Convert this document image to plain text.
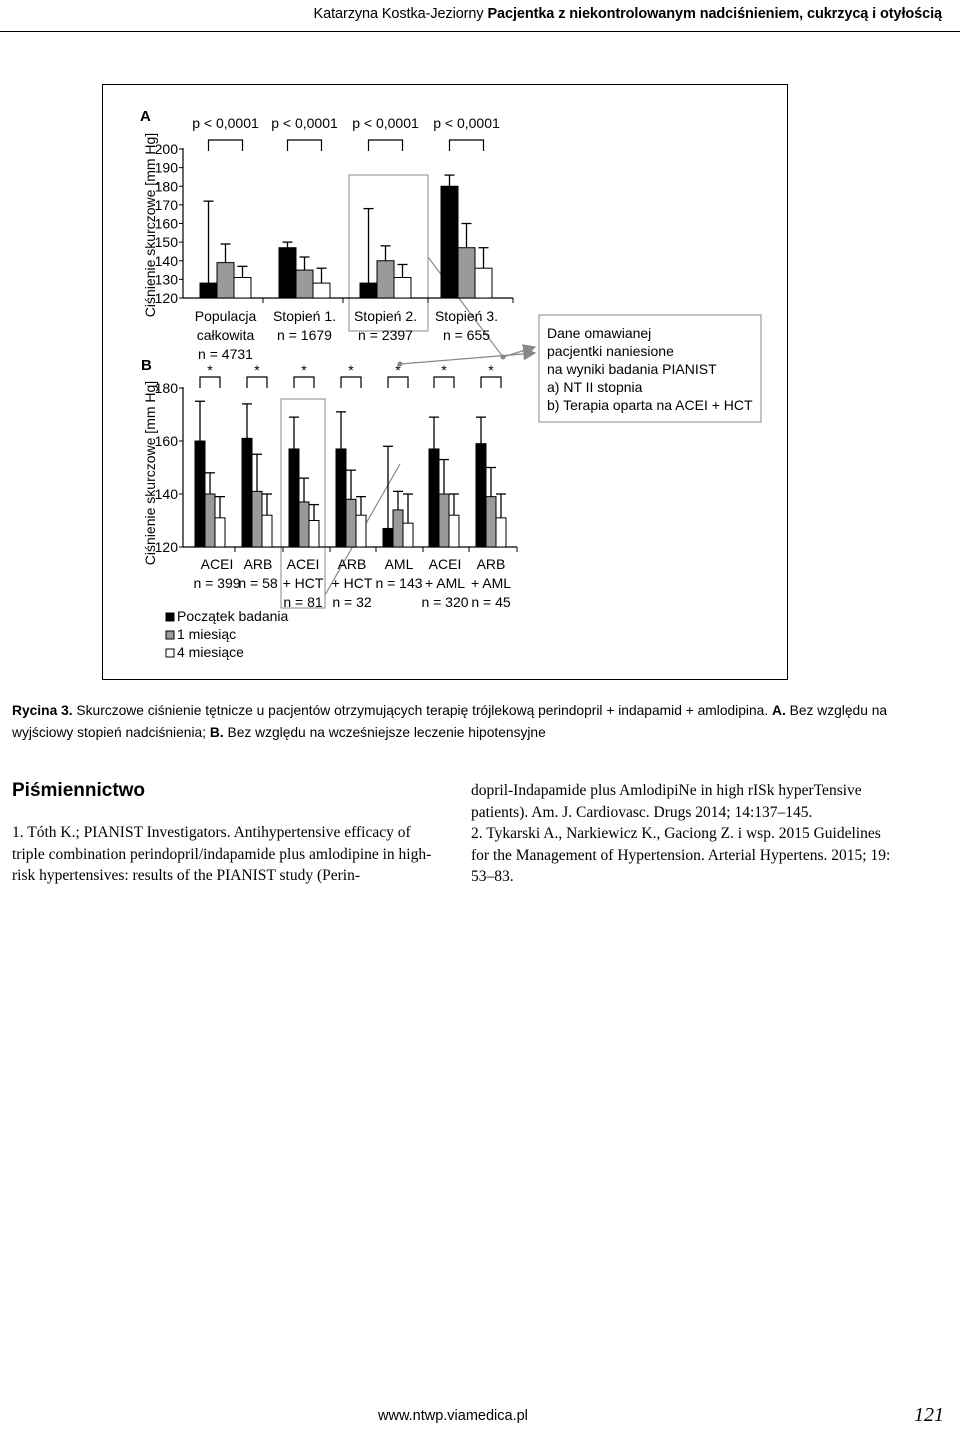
Katarzyna Kostka-Jeziorny Pacjentka z niekontrolowanym nadciśnieniem, cukrzycą i otyłością
A
Ciśnienie skurczowe [mm Hg]
200
190
180
170
160
150
140
130
120
Populacja
całkowita
n = 4731
p < 0,0001
Stopień 1.
n = 1679
p < 0,0001
Stopień 2.
n = 2397
p < 0,0001
Stopień 3.
n = 655
p < 0,0001
B
Ciśnienie skurczowe [mm Hg]
180
160
140
120
ACEI
n = 399
*
ARB
n = 58
*
ACEI
+ HCT
n = 81
*
ARB
+ HCT
n = 32
*
AML
n = 143
*
ACEI
+ AML
n = 320
*
ARB
+ AML
n = 45
*
Początek badania
1 miesiąc
4 miesiące
Dane omawianej
pacjentki naniesione
na wyniki badania PIANIST
a) NT II stopnia
b) Terapia oparta na ACEI + HCT
Rycina 3. Skurczowe ciśnienie tętnicze u pacjentów otrzymujących terapię trójlekową perindopril + indapamid + amlodipina. A. Bez względu na wyjściowy stopień nadciśnienia; B. Bez względu na wcześniejsze leczenie hipotensyjne
Piśmiennictwo

1. Tóth K.; PIANIST Investigators. Antihypertensive efficacy of triple combination perindopril/indapamide plus amlodipine in high-risk hypertensives: results of the PIANIST study (Perin-

dopril-Indapamide plus AmlodipiNe in high rISk hyperTensive patients). Am. J. Cardiovasc. Drugs 2014; 14:137–145.

2. Tykarski A., Narkiewicz K., Gaciong Z. i wsp. 2015 Guidelines for the Management of Hypertension. Arterial Hypertens. 2015; 19: 53–83.

www.ntwp.viamedica.pl	121
